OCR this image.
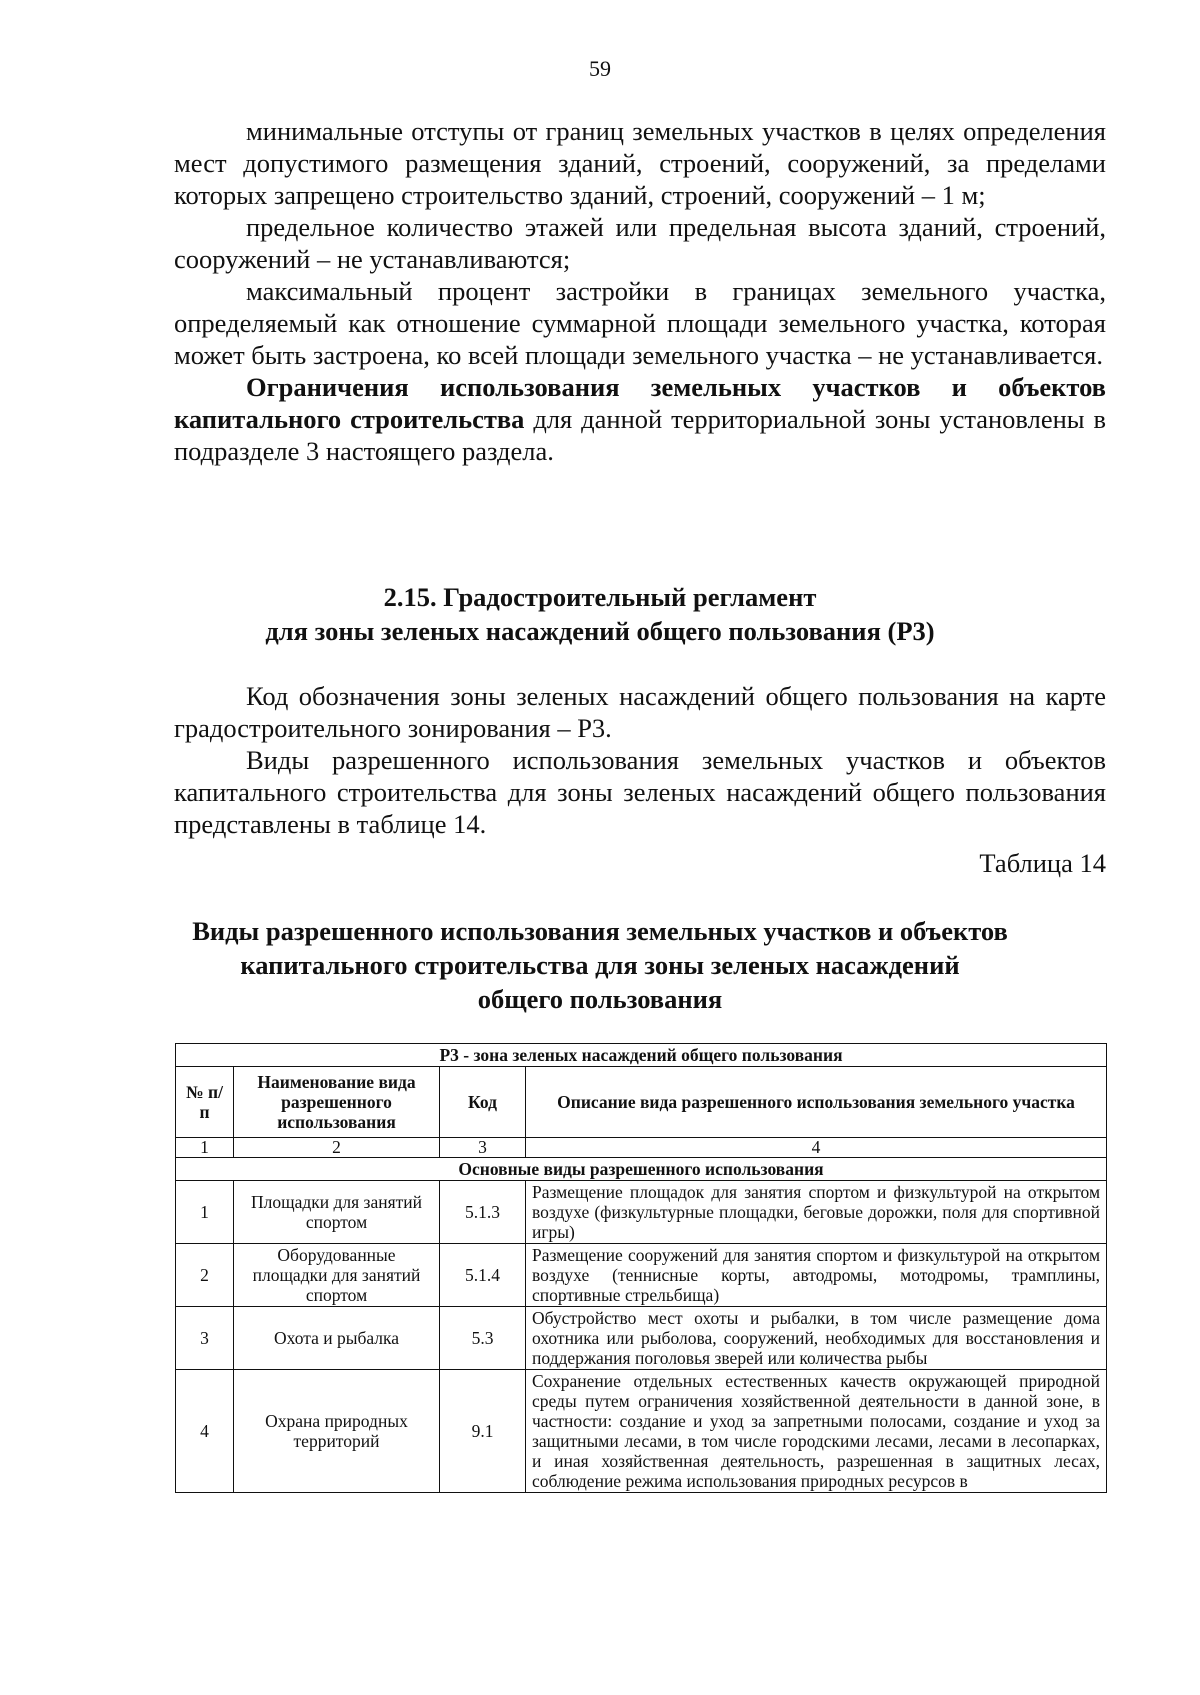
59

минимальные отступы от границ земельных участков в целях определения мест допустимого размещения зданий, строений, сооружений, за пределами которых запрещено строительство зданий, строений, сооружений – 1 м;

предельное количество этажей или предельная высота зданий, строений, сооружений – не устанавливаются;

максимальный процент застройки в границах земельного участка, определяемый как отношение суммарной площади земельного участка, которая может быть застроена, ко всей площади земельного участка – не устанавливается.

Ограничения использования земельных участков и объектов капитального строительства для данной территориальной зоны установлены в подразделе 3 настоящего раздела.

2.15. Градостроительный регламент
для зоны зеленых насаждений общего пользования (Р3)

Код обозначения зоны зеленых насаждений общего пользования на карте градостроительного зонирования – Р3.

Виды разрешенного использования земельных участков и объектов капитального строительства для зоны зеленых насаждений общего пользования представлены в таблице 14.

Таблица 14
Виды разрешенного использования земельных участков и объектов
капитального строительства для зоны зеленых насаждений
общего пользования
Р3 - зона зеленых насаждений общего пользования			
№ п/п	Наименование вида разрешенного использования	Код	Описание вида разрешенного использования земельного участка
1	2	3	4
Основные виды разрешенного использования			
1	Площадки для занятий спортом	5.1.3	Размещение площадок для занятия спортом и физкультурой на открытом воздухе (физкультурные площадки, беговые дорожки, поля для спортивной игры)
2	Оборудованные площадки для занятий спортом	5.1.4	Размещение сооружений для занятия спортом и физкультурой на открытом воздухе (теннисные корты, автодромы, мотодромы, трамплины, спортивные стрельбища)
3	Охота и рыбалка	5.3	Обустройство мест охоты и рыбалки, в том числе размещение дома охотника или рыболова, сооружений, необходимых для восстановления и поддержания поголовья зверей или количества рыбы
4	Охрана природных территорий	9.1	Сохранение отдельных естественных качеств окружающей природной среды путем ограничения хозяйственной деятельности в данной зоне, в частности: создание и уход за запретными полосами, создание и уход за защитными лесами, в том числе городскими лесами, лесами в лесопарках, и иная хозяйственная деятельность, разрешенная в защитных лесах, соблюдение режима использования природных ресурсов в
